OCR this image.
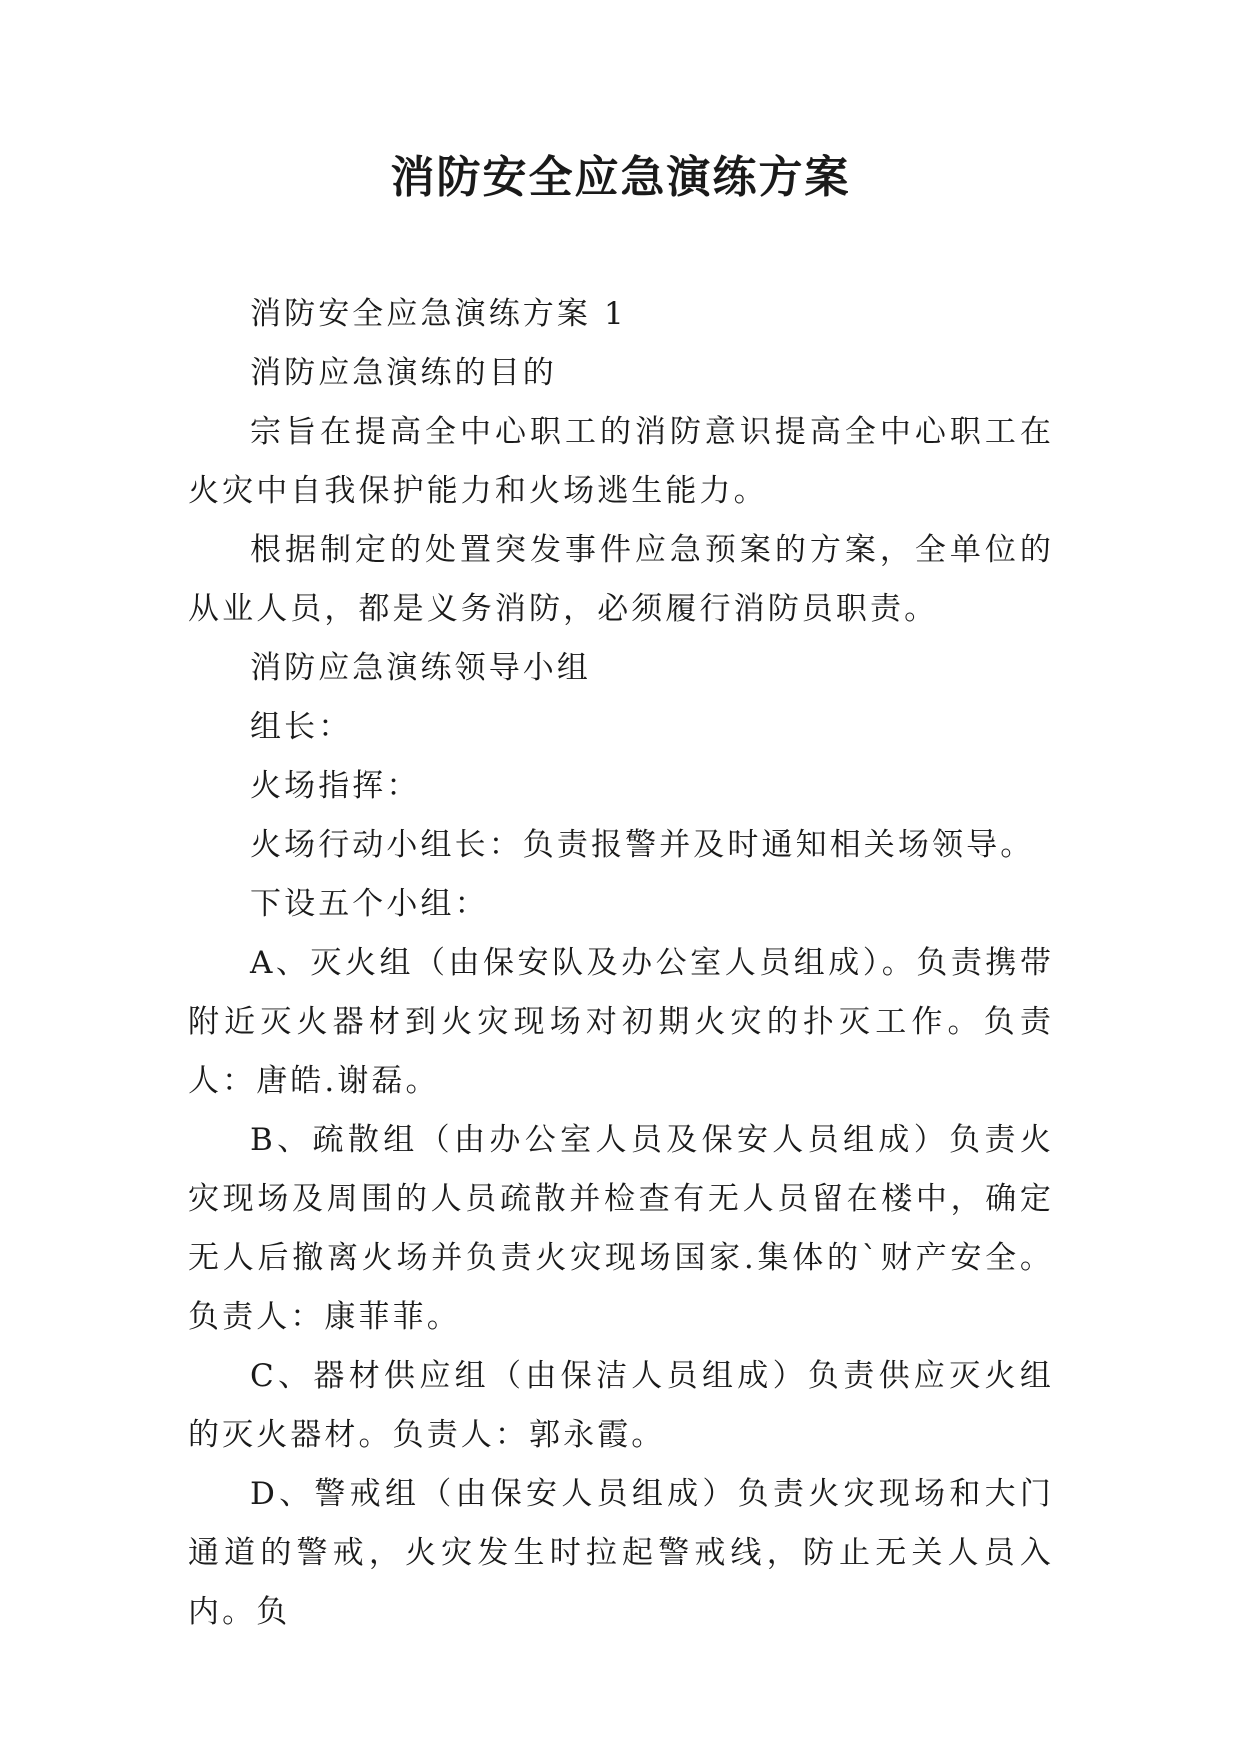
消防安全应急演练方案

消防安全应急演练方案 1

消防应急演练的目的

宗旨在提高全中心职工的消防意识提高全中心职工在火灾中自我保护能力和火场逃生能力。

根据制定的处置突发事件应急预案的方案，全单位的从业人员，都是义务消防，必须履行消防员职责。

消防应急演练领导小组

组长：

火场指挥：

火场行动小组长：负责报警并及时通知相关场领导。

下设五个小组：

A、灭火组（由保安队及办公室人员组成）。负责携带附近灭火器材到火灾现场对初期火灾的扑灭工作。负责人：唐皓.谢磊。

B、疏散组（由办公室人员及保安人员组成）负责火灾现场及周围的人员疏散并检查有无人员留在楼中，确定无人后撤离火场并负责火灾现场国家.集体的`财产安全。负责人：康菲菲。

C、器材供应组（由保洁人员组成）负责供应灭火组的灭火器材。负责人：郭永霞。

D、警戒组（由保安人员组成）负责火灾现场和大门通道的警戒，火灾发生时拉起警戒线，防止无关人员入内。负
